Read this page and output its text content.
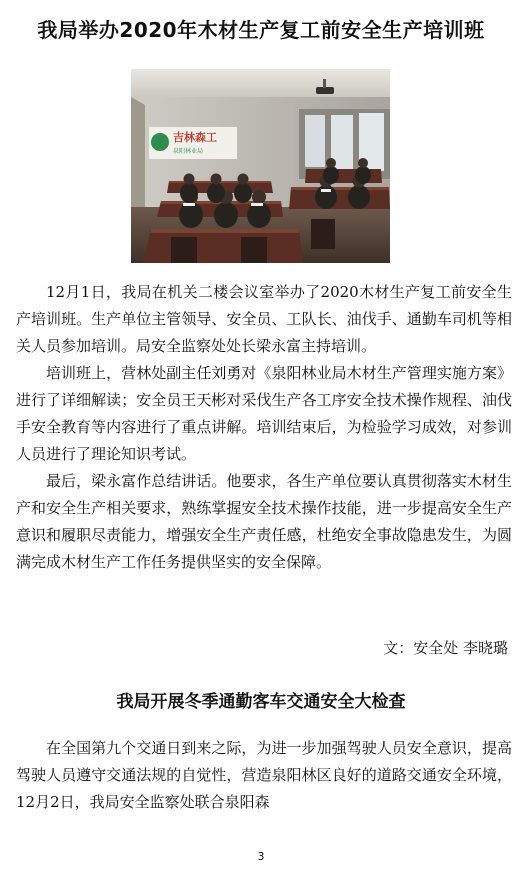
我局举办2020年木材生产复工前安全生产培训班
吉林森工
泉阳林业局

12月1日，我局在机关二楼会议室举办了2020木材生产复工前安全生产培训班。生产单位主管领导、安全员、工队长、油伐手、通勤车司机等相关人员参加培训。局安全监察处处长梁永富主持培训。

培训班上，营林处副主任刘勇对《泉阳林业局木材生产管理实施方案》进行了详细解读；安全员王天彬对采伐生产各工序安全技术操作规程、油伐手安全教育等内容进行了重点讲解。培训结束后，为检验学习成效，对参训人员进行了理论知识考试。

最后，梁永富作总结讲话。他要求，各生产单位要认真贯彻落实木材生产和安全生产相关要求，熟练掌握安全技术操作技能，进一步提高安全生产意识和履职尽责能力，增强安全生产责任感，杜绝安全事故隐患发生，为圆满完成木材生产工作任务提供坚实的安全保障。

文：安全处 李晓璐
我局开展冬季通勤客车交通安全大检查

在全国第九个交通日到来之际，为进一步加强驾驶人员安全意识，提高驾驶人员遵守交通法规的自觉性，营造泉阳林区良好的道路交通安全环境，12月2日，我局安全监察处联合泉阳森

3
